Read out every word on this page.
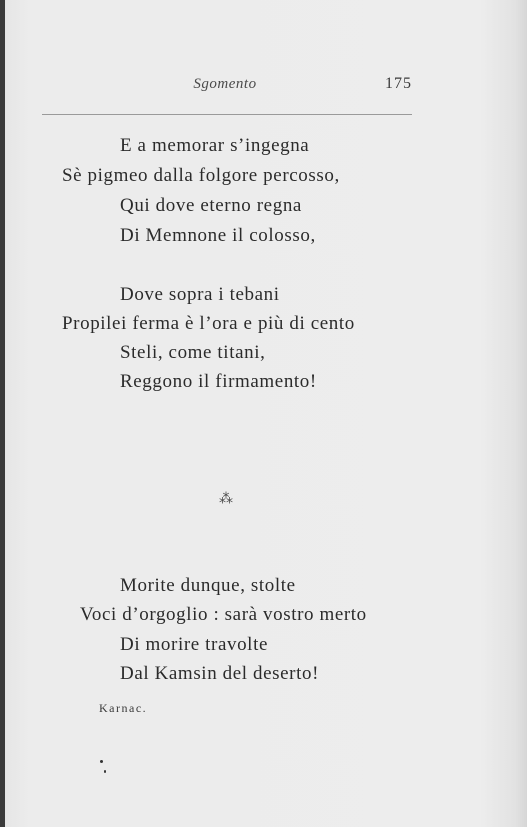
Sgomento	175
E a memorar s’ingegna
Sè pigmeo dalla folgore percosso,
Qui dove eterno regna
Di Memnone il colosso,
Dove sopra i tebani
Propilei ferma è l’ora e più di cento
Steli, come titani,
Reggono il firmamento!
⁂
Morite dunque, stolte
Voci d’orgoglio : sarà vostro merto
Di morire travolte
Dal Kamsin del deserto!
Karnac.
